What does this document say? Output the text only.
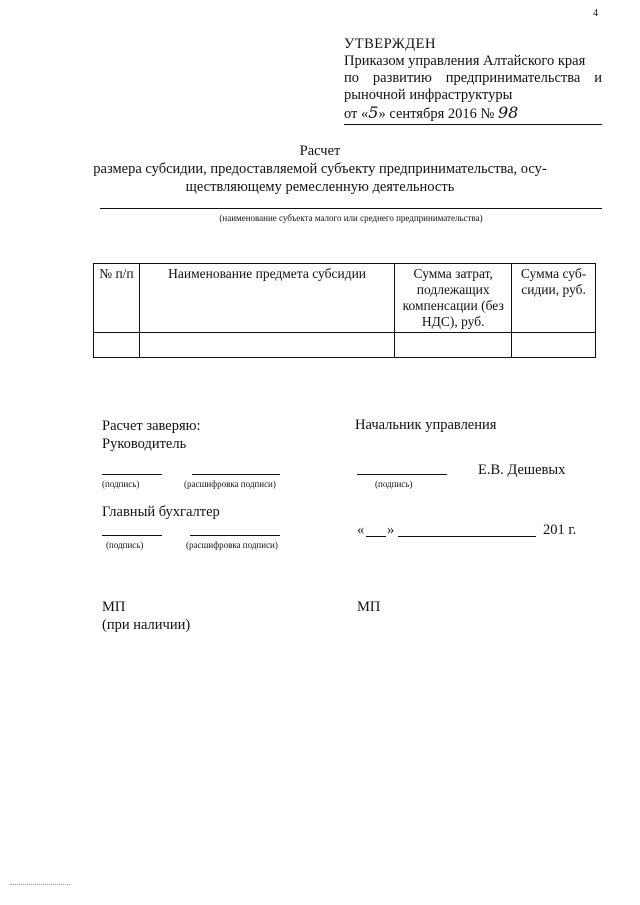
4
УТВЕРЖДЕН
Приказом управления Алтайского края
по развитию предпринимательства и
рыночной инфраструктуры
от «5» сентября 2016 № 98
Расчет
размера субсидии, предоставляемой субъекту предпринимательства, осу-
ществляющему ремесленную деятельность
(наименование субъекта малого или среднего предпринимательства)
№ п/п	Наименование предмета субсидии	Сумма затрат, подлежащих компенсации (без НДС), руб.	Сумма суб-сидии, руб.

Расчет заверяю:
Руководитель
(подпись)	(расшифровка подписи)
Главный бухгалтер
(подпись)	(расшифровка подписи)
МП
(при наличии)
Начальник управления
Е.В. Дешевых
(подпись)
« »	201 г.
МП
